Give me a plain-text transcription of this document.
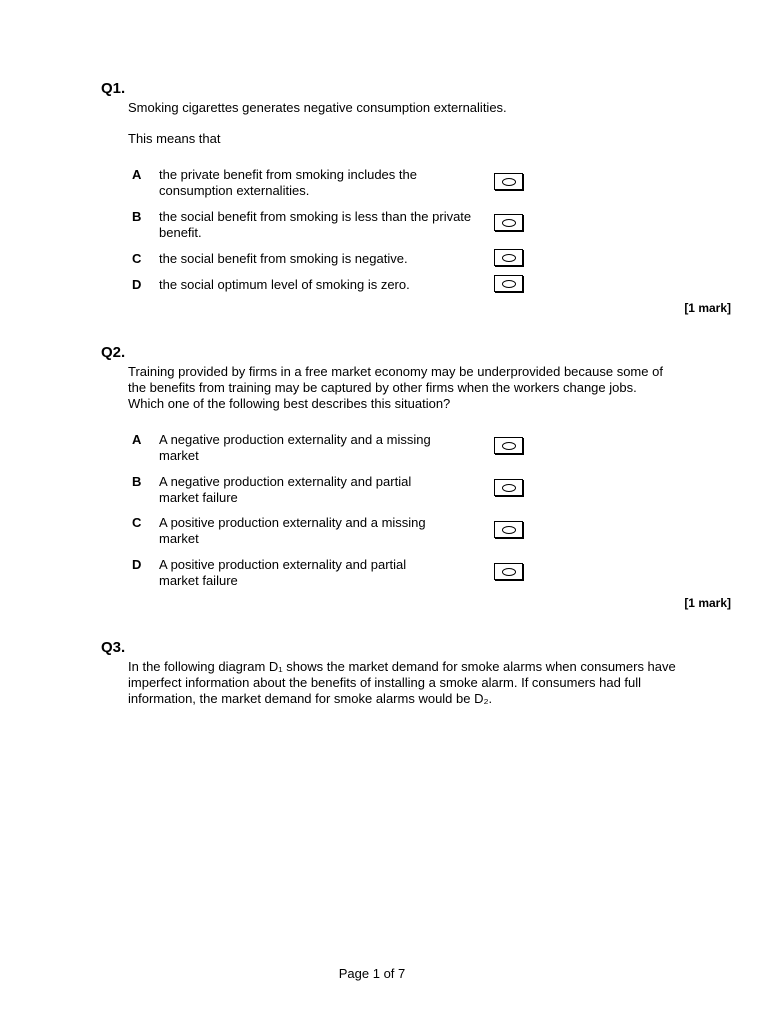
Q1.
Smoking cigarettes generates negative consumption externalities.
This means that
A the private benefit from smoking includes the consumption externalities.
B the social benefit from smoking is less than the private benefit.
C the social benefit from smoking is negative.
D the social optimum level of smoking is zero.
[1 mark]
Q2.
Training provided by firms in a free market economy may be underprovided because some of the benefits from training may be captured by other firms when the workers change jobs. Which one of the following best describes this situation?
A A negative production externality and a missing market
B A negative production externality and partial market failure
C A positive production externality and a missing market
D A positive production externality and partial market failure
[1 mark]
Q3.
In the following diagram D₁ shows the market demand for smoke alarms when consumers have imperfect information about the benefits of installing a smoke alarm. If consumers had full information, the market demand for smoke alarms would be D₂.
Page 1 of 7
